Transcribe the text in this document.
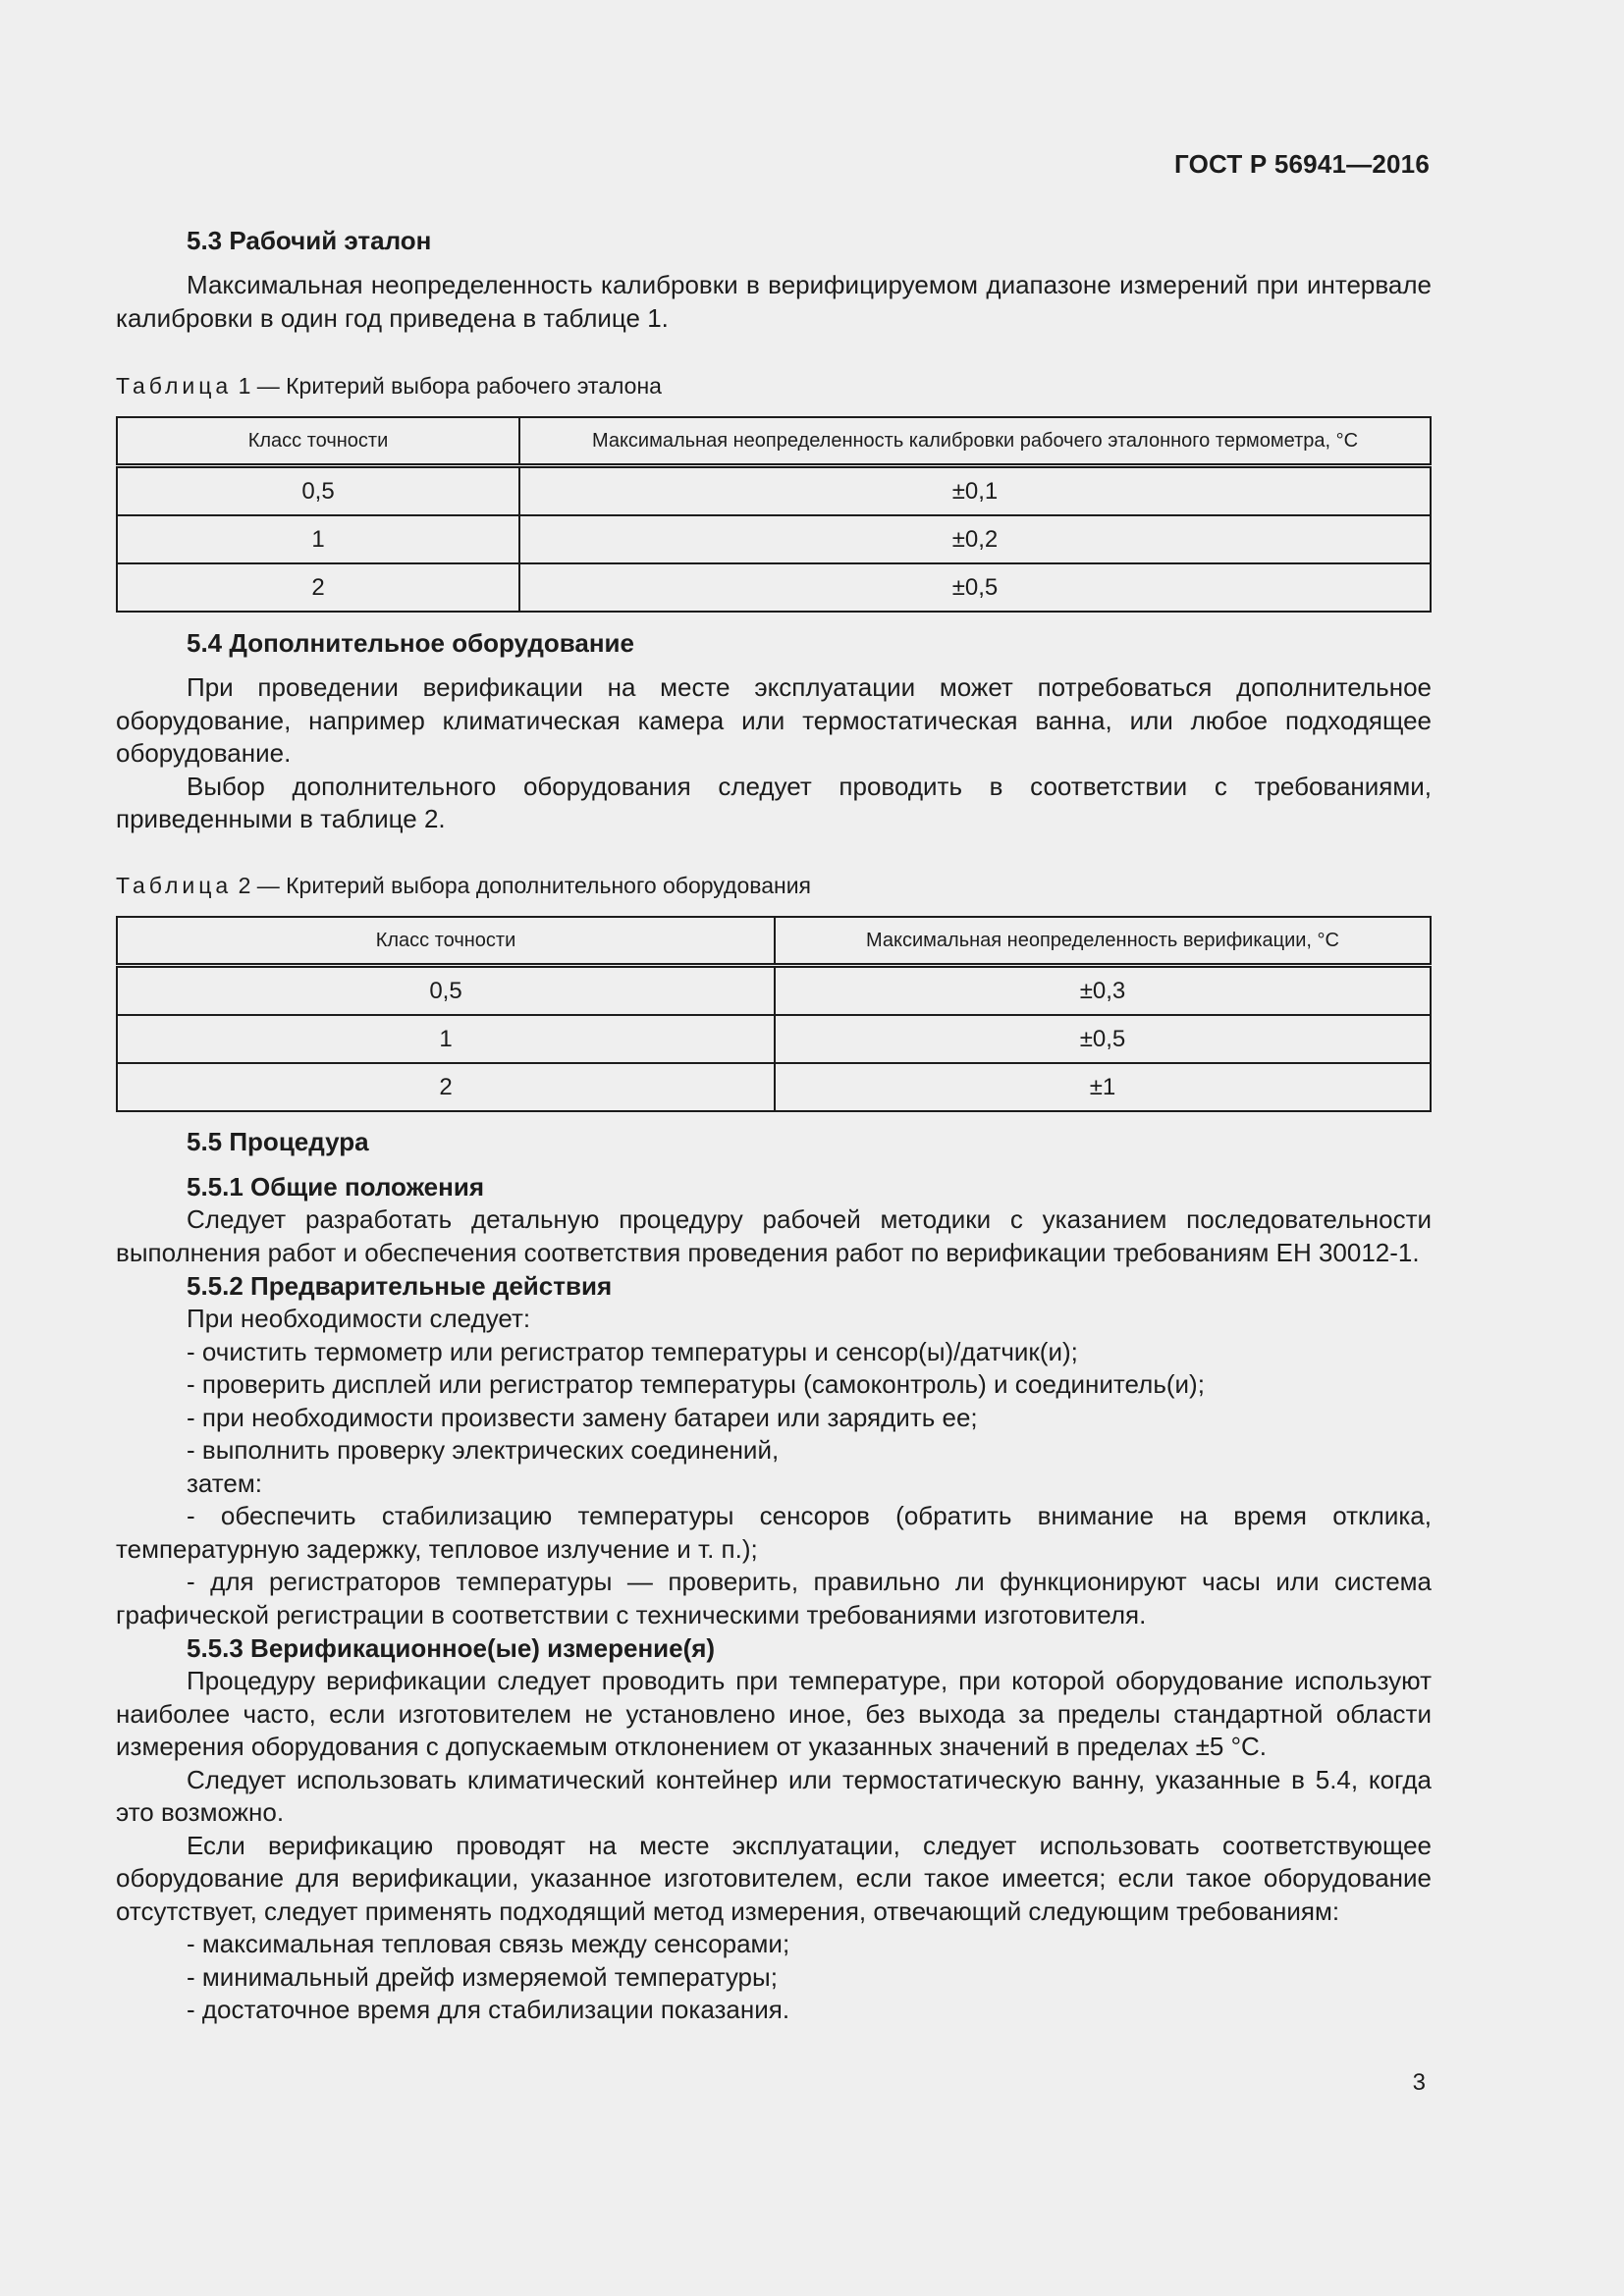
ГОСТ Р 56941—2016

5.3 Рабочий эталон

Максимальная неопределенность калибровки в верифицируемом диапазоне измерений при интервале калибровки в один год приведена в таблице 1.

Таблица 1 — Критерий выбора рабочего эталона

Класс точности	Максимальная неопределенность калибровки рабочего эталонного термометра, °С
0,5	±0,1
1	±0,2
2	±0,5

5.4 Дополнительное оборудование

При проведении верификации на месте эксплуатации может потребоваться дополнительное оборудование, например климатическая камера или термостатическая ванна, или любое подходящее оборудование.

Выбор дополнительного оборудования следует проводить в соответствии с требованиями, приведенными в таблице 2.

Таблица 2 — Критерий выбора дополнительного оборудования

Класс точности	Максимальная неопределенность верификации, °С
0,5	±0,3
1	±0,5
2	±1

5.5 Процедура

5.5.1 Общие положения

Следует разработать детальную процедуру рабочей методики с указанием последовательности выполнения работ и обеспечения соответствия проведения работ по верификации требованиям ЕН 30012-1.

5.5.2 Предварительные действия

При необходимости следует:

- очистить термометр или регистратор температуры и сенсор(ы)/датчик(и);

- проверить дисплей или регистратор температуры (самоконтроль) и соединитель(и);

- при необходимости произвести замену батареи или зарядить ее;

- выполнить проверку электрических соединений,

затем:

- обеспечить стабилизацию температуры сенсоров (обратить внимание на время отклика, температурную задержку, тепловое излучение и т. п.);

- для регистраторов температуры — проверить, правильно ли функционируют часы или система графической регистрации в соответствии с техническими требованиями изготовителя.

5.5.3 Верификационное(ые) измерение(я)

Процедуру верификации следует проводить при температуре, при которой оборудование используют наиболее часто, если изготовителем не установлено иное, без выхода за пределы стандартной области измерения оборудования с допускаемым отклонением от указанных значений в пределах ±5 °С.

Следует использовать климатический контейнер или термостатическую ванну, указанные в 5.4, когда это возможно.

Если верификацию проводят на месте эксплуатации, следует использовать соответствующее оборудование для верификации, указанное изготовителем, если такое имеется; если такое оборудование отсутствует, следует применять подходящий метод измерения, отвечающий следующим требованиям:

- максимальная тепловая связь между сенсорами;

- минимальный дрейф измеряемой температуры;

- достаточное время для стабилизации показания.

3
